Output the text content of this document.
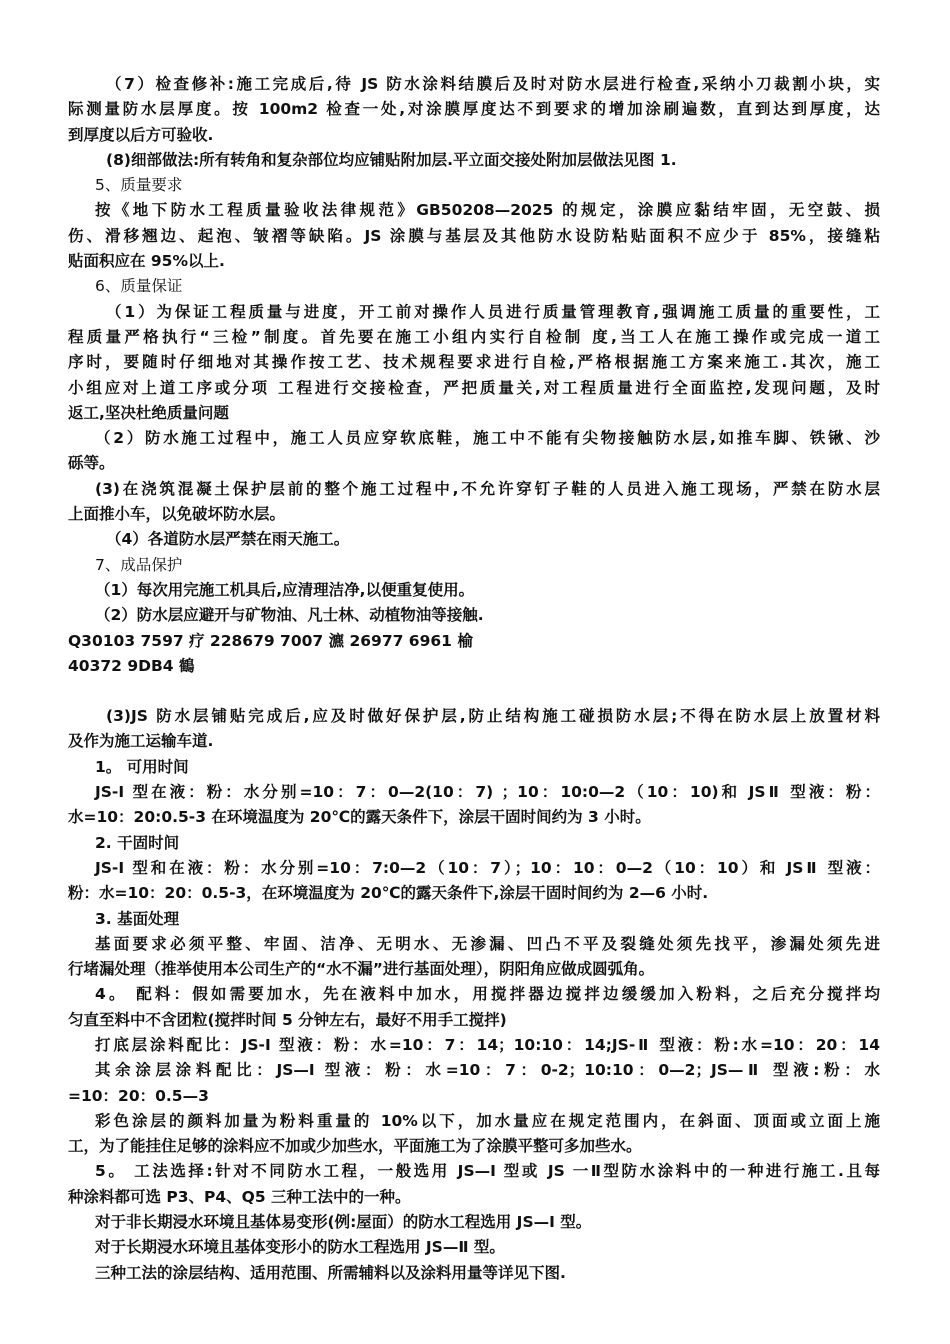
（7）检查修补:施工完成后,待 JS 防水涂料结膜后及时对防水层进行检查,采纳小刀裁割小块，实
际测量防水层厚度。按 100m2 检查一处,对涂膜厚度达不到要求的增加涂刷遍数，直到达到厚度，达
到厚度以后方可验收.
(8)细部做法:所有转角和复杂部位均应铺贴附加层.平立面交接处附加层做法见图 1.
5、质量要求
按《地下防水工程质量验收法律规范》GB50208—2025 的规定，涂膜应黏结牢固，无空鼓、损
伤、滑移翘边、起泡、皱褶等缺陷。JS 涂膜与基层及其他防水设防粘贴面积不应少于 85%，接缝粘
贴面积应在 95%以上.
6、质量保证
（1）为保证工程质量与进度，开工前对操作人员进行质量管理教育,强调施工质量的重要性，工
程质量严格执行“三检”制度。首先要在施工小组内实行自检制 度,当工人在施工操作或完成一道工
序时，要随时仔细地对其操作按工艺、技术规程要求进行自检,严格根据施工方案来施工.其次，施工
小组应对上道工序或分项 工程进行交接检查，严把质量关,对工程质量进行全面监控,发现问题，及时
返工,坚决杜绝质量问题
（2）防水施工过程中，施工人员应穿软底鞋，施工中不能有尖物接触防水层,如推车脚、铁锹、沙
砾等。
(3)在浇筑混凝土保护层前的整个施工过程中,不允许穿钉子鞋的人员进入施工现场，严禁在防水层
上面推小车，以免破坏防水层。
（4）各道防水层严禁在雨天施工。
7、成品保护
（1）每次用完施工机具后,应清理洁净,以便重复使用。
（2）防水层应避开与矿物油、凡士林、动植物油等接触.
Q30103 7597 疗 228679 7007 瀌 26977 6961 榆
40372 9DB4 鶴
(3)JS 防水层铺贴完成后,应及时做好保护层,防止结构施工碰损防水层;不得在防水层上放置材料
及作为施工运输车道.
1。 可用时间
JS-I 型在液：粉：水分别=10：7：0—2(10：7) ；10：10:0—2（10：10)和 JSⅡ 型液：粉：
水=10：20:0.5-3 在环境温度为 20℃的露天条件下，涂层干固时间约为 3 小时。
2. 干固时间
JS-I 型和在液：粉：水分别=10：7:0—2（10：7）；10：10：0—2（10：10）和 JSⅡ 型液：
粉：水=10：20：0.5-3，在环境温度为 20℃的露天条件下,涂层干固时间约为 2—6 小时.
3. 基面处理
基面要求必须平整、牢固、洁净、无明水、无渗漏、凹凸不平及裂缝处须先找平，渗漏处须先进
行堵漏处理（推举使用本公司生产的“水不漏”进行基面处理），阴阳角应做成圆弧角。
4。 配料：假如需要加水，先在液料中加水，用搅拌器边搅拌边缓缓加入粉料，之后充分搅拌均
匀直至料中不含团粒(搅拌时间 5 分钟左右，最好不用手工搅拌)
打底层涂料配比：JS-I 型液：粉：水=10：7：14；10:10：14;JS-Ⅱ 型液：粉:水=10：20：14
其余涂层涂料配比：JS—I 型液：粉：水=10：7：0-2；10:10：0—2；JS—Ⅱ 型液:粉：水
=10：20：0.5—3
彩色涂层的颜料加量为粉料重量的 10%以下，加水量应在规定范围内，在斜面、顶面或立面上施
工，为了能挂住足够的涂料应不加或少加些水，平面施工为了涂膜平整可多加些水。
5。 工法选择:针对不同防水工程，一般选用 JS—I 型或 JS 一Ⅱ型防水涂料中的一种进行施工.且每
种涂料都可选 P3、P4、Q5 三种工法中的一种。
对于非长期浸水环境且基体易变形(例:屋面）的防水工程选用 JS—I 型。
对于长期浸水环境且基体变形小的防水工程选用 JS—Ⅱ 型。
三种工法的涂层结构、适用范围、所需辅料以及涂料用量等详见下图.
